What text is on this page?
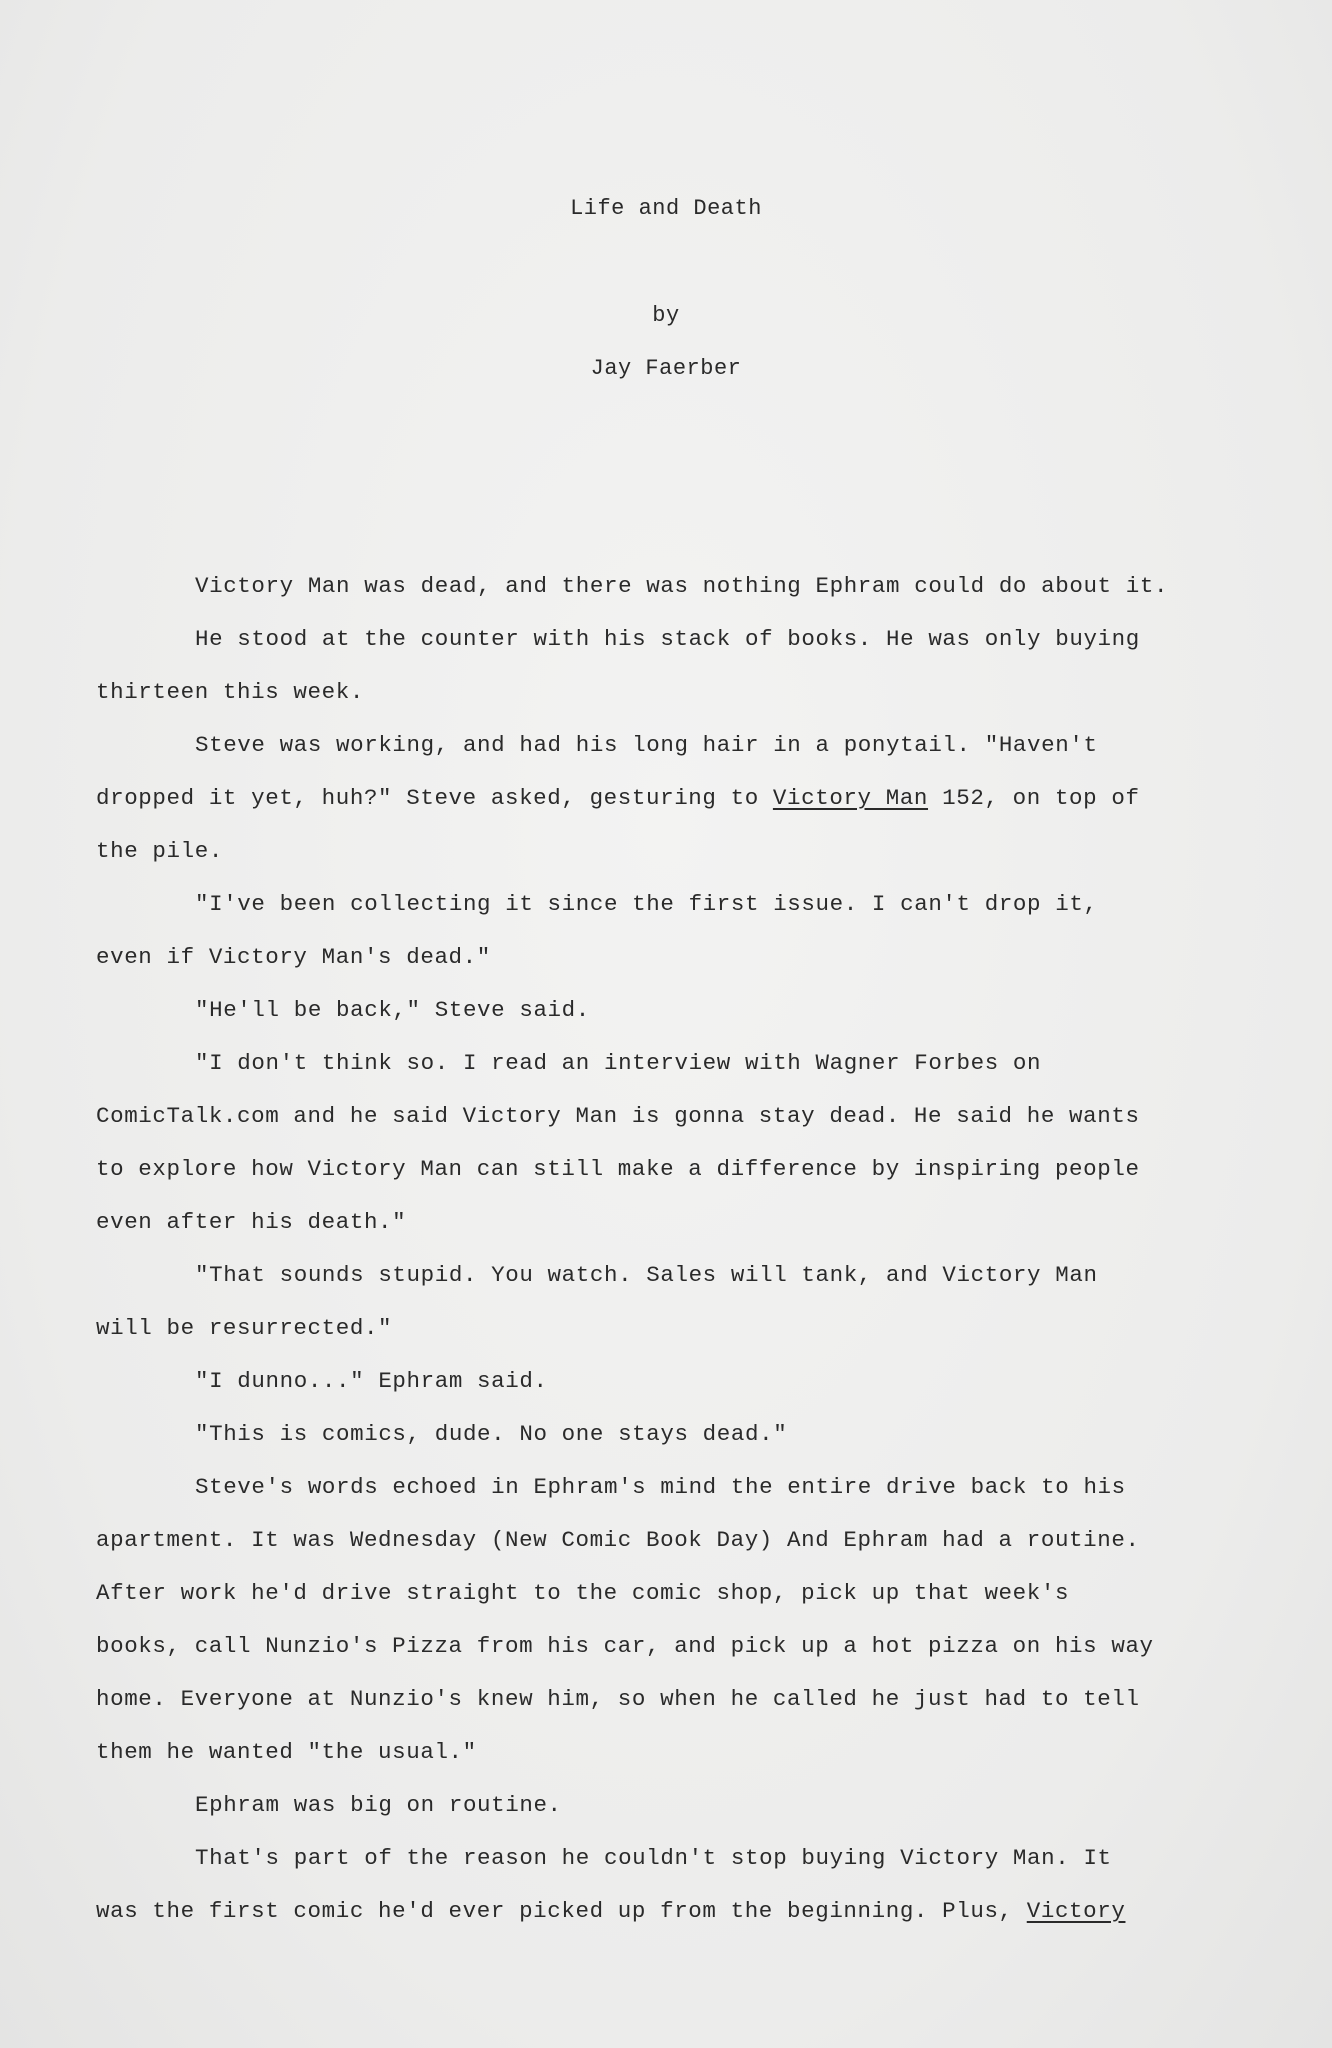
Life and Death
by
Jay Faerber
Victory Man was dead, and there was nothing Ephram could do about it.
He stood at the counter with his stack of books. He was only buying
thirteen this week.
Steve was working, and had his long hair in a ponytail. "Haven't
dropped it yet, huh?" Steve asked, gesturing to Victory Man 152, on top of
the pile.
"I've been collecting it since the first issue. I can't drop it,
even if Victory Man's dead."
"He'll be back," Steve said.
"I don't think so. I read an interview with Wagner Forbes on
ComicTalk.com and he said Victory Man is gonna stay dead. He said he wants
to explore how Victory Man can still make a difference by inspiring people
even after his death."
"That sounds stupid. You watch. Sales will tank, and Victory Man
will be resurrected."
"I dunno..." Ephram said.
"This is comics, dude. No one stays dead."
Steve's words echoed in Ephram's mind the entire drive back to his
apartment. It was Wednesday (New Comic Book Day) And Ephram had a routine.
After work he'd drive straight to the comic shop, pick up that week's
books, call Nunzio's Pizza from his car, and pick up a hot pizza on his way
home. Everyone at Nunzio's knew him, so when he called he just had to tell
them he wanted "the usual."
Ephram was big on routine.
That's part of the reason he couldn't stop buying Victory Man. It
was the first comic he'd ever picked up from the beginning. Plus, Victory
